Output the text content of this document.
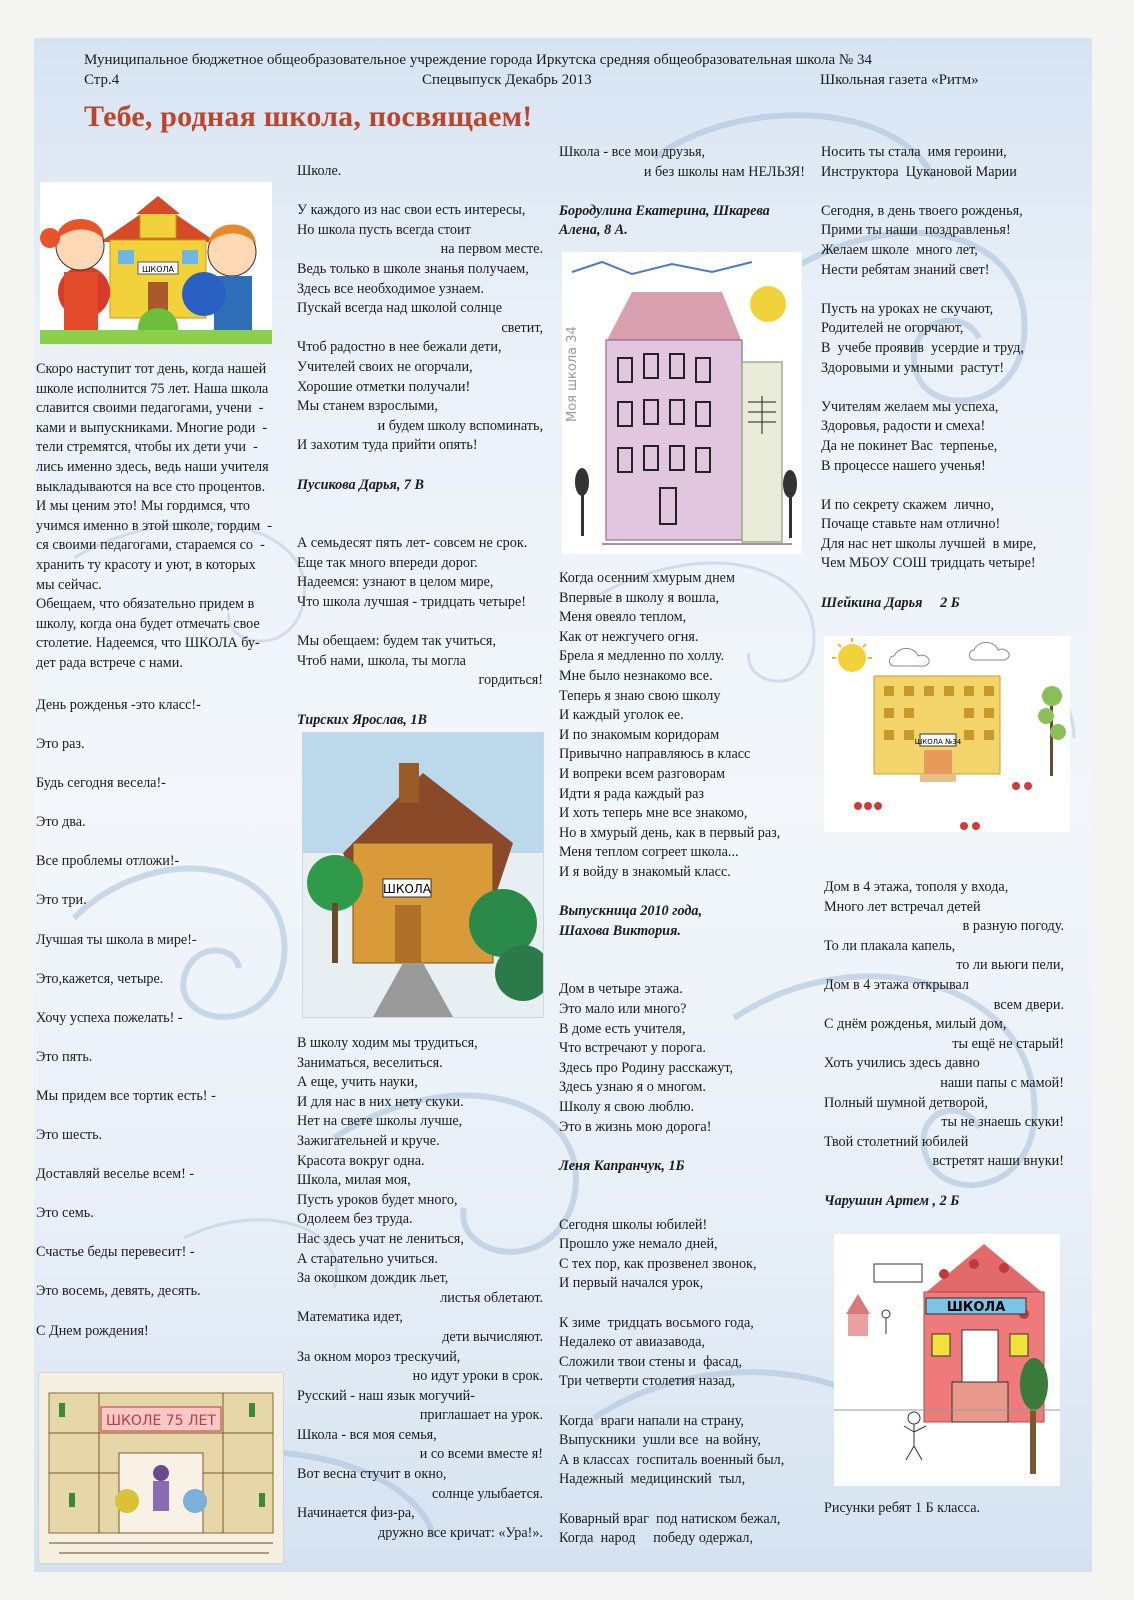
Муниципальное бюджетное общеобразовательное учреждение города Иркутска средняя общеобразовательная школа № 34
Стр.4	Спецвыпуск Декабрь 2013	Школьная газета «Ритм»
Тебе, родная школа, посвящаем!
ШКОЛА

Скоро наступит тот день, когда нашей

школе исполнится 75 лет. Наша школа

славится своими педагогами, учени  -

ками и выпускниками. Многие роди  -

тели стремятся, чтобы их дети учи  -

лись именно здесь, ведь наши учителя

выкладываются на все сто процентов.

И мы ценим это! Мы гордимся, что

учимся именно в этой школе, гордим  -

ся своими педагогами, стараемся со  -

хранить ту красоту и уют, в которых

мы сейчас.

Обещаем, что обязательно придем в

школу, когда она будет отмечать свое

столетие. Надеемся, что ШКОЛА бу-

дет рада встрече с нами.

День рожденья -это класс!-

Это раз.

Будь сегодня весела!-

Это два.

Все проблемы отложи!-

Это три.

Лучшая ты школа в мире!-

Это,кажется, четыре.

Хочу успеха пожелать! -

Это пять.

Мы придем все тортик есть! -

Это шесть.

Доставляй веселье всем! -

Это семь.

Счастье беды перевесит! -

Это восемь, девять, десять.

С Днем рождения!

ШКОЛЕ 75 ЛЕТ

Школе.

У каждого из нас свои есть интересы,

Но школа пусть всегда стоит

на первом месте.

Ведь только в школе знанья получаем,

Здесь все необходимое узнаем.

Пускай всегда над школой солнце

светит,

Чтоб радостно в нее бежали дети,

Учителей своих не огорчали,

Хорошие отметки получали!

Мы станем взрослыми,

и будем школу вспоминать,

И захотим туда прийти опять!

Пусикова Дарья, 7 В

А семьдесят пять лет- совсем не срок.

Еще так много впереди дорог.

Надеемся: узнают в целом мире,

Что школа лучшая - тридцать четыре!

Мы обещаем: будем так учиться,

Чтоб нами, школа, ты могла

гордиться!

Тирских Ярослав, 1В

ШКОЛА

В школу ходим мы трудиться,

Заниматься, веселиться.

А еще, учить науки,

И для нас в них нету скуки.

Нет на свете школы лучше,

Зажигательней и круче.

Красота вокруг одна.

Школа, милая моя,

Пусть уроков будет много,

Одолеем без труда.

Нас здесь учат не лениться,

А старательно учиться.

За окошком дождик льет,

листья облетают.

Математика идет,

дети вычисляют.

За окном мороз трескучий,

но идут уроки в срок.

Русский - наш язык могучий-

приглашает на урок.

Школа - вся моя семья,

и со всеми вместе я!

Вот весна стучит в окно,

солнце улыбается.

Начинается физ-ра,

дружно все кричат: «Ура!».

Школа - все мои друзья,

и без школы нам НЕЛЬЗЯ!

Бородулина Екатерина, Шкарева

Алена, 8 А.

Моя школа 34

Когда осенним хмурым днем

Впервые в школу я вошла,

Меня овеяло теплом,

Как от нежгучего огня.

Брела я медленно по холлу.

Мне было незнакомо все.

Теперь я знаю свою школу

И каждый уголок ее.

И по знакомым коридорам

Привычно направляюсь в класс

И вопреки всем разговорам

Идти я рада каждый раз

И хоть теперь мне все знакомо,

Но в хмурый день, как в первый раз,

Меня теплом согреет школа...

И я войду в знакомый класс.

Выпускница 2010 года,

Шахова Виктория.

Дом в четыре этажа.

Это мало или много?

В доме есть учителя,

Что встречают у порога.

Здесь про Родину расскажут,

Здесь узнаю я о многом.

Школу я свою люблю.

Это в жизнь мою дорога!

Леня Капранчук, 1Б

Сегодня школы юбилей!

Прошло уже немало дней,

С тех пор, как прозвенел звонок,

И первый начался урок,

К зиме  тридцать восьмого года,

Недалеко от авиазавода,

Сложили твои стены и  фасад,

Три четверти столетия назад,

Когда  враги напали на страну,

Выпускники  ушли все  на войну,

А в классах  госпиталь военный был,

Надежный  медицинский  тыл,

Коварный враг  под натиском бежал,

Когда  народ     победу одержал,

Носить ты стала  имя героини,

Инструктора  Цукановой Марии

Сегодня, в день твоего рожденья,

Прими ты наши  поздравленья!

Желаем школе  много лет,

Нести ребятам знаний свет!

Пусть на уроках не скучают,

Родителей не огорчают,

В  учебе проявив  усердие и труд,

Здоровыми и умными  растут!

Учителям желаем мы успеха,

Здоровья, радости и смеха!

Да не покинет Вас  терпенье,

В процессе нашего ученья!

И по секрету скажем  лично,

Почаще ставьте нам отлично!

Для нас нет школы лучшей  в мире,

Чем МБОУ СОШ тридцать четыре!

Шейкина Дарья     2 Б

ШКОЛА №34

Дом в 4 этажа, тополя у входа,

Много лет встречал детей

в разную погоду.

То ли плакала капель,

то ли вьюги пели,

Дом в 4 этажа открывал

всем двери.

С днём рожденья, милый дом,

ты ещё не старый!

Хоть учились здесь давно

наши папы с мамой!

Полный шумной детворой,

ты не знаешь скуки!

Твой столетний юбилей

встретят наши внуки!

Чарушин Артем , 2 Б

ШКОЛА

Рисунки ребят 1 Б класса.
